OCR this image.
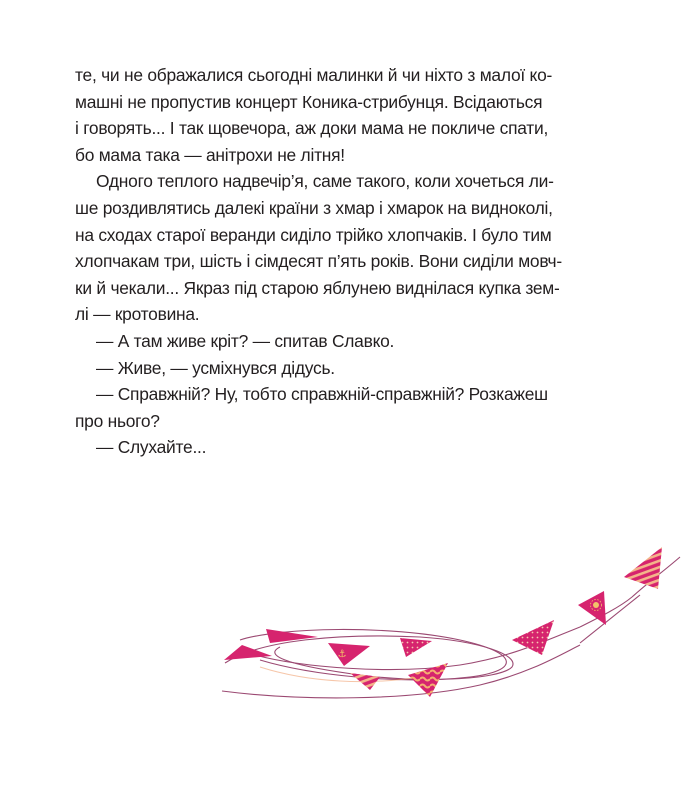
те, чи не ображалися сьогодні малинки й чи ніхто з малої ко-
машні не пропустив концерт Коника-стрибунця. Всідаються
і говорять... І так щовечора, аж доки мама не покличе спати,
бо мама така — анітрохи не літня!
Одного теплого надвечір’я, саме такого, коли хочеться ли-
ше роздивлятись далекі країни з хмар і хмарок на видноколі,
на сходах старої веранди сиділо трійко хлопчаків. І було тим
хлопчакам три, шість і сімдесят п’ять років. Вони сиділи мовч-
ки й чекали... Якраз під старою яблунею виднілася купка зем-
лі — кротовина.
— А там живе кріт? — спитав Славко.
— Живе, — усміхнувся дідусь.
— Справжній? Ну, тобто справжній-справжній? Розкажеш
про нього?
— Слухайте...
⚓
